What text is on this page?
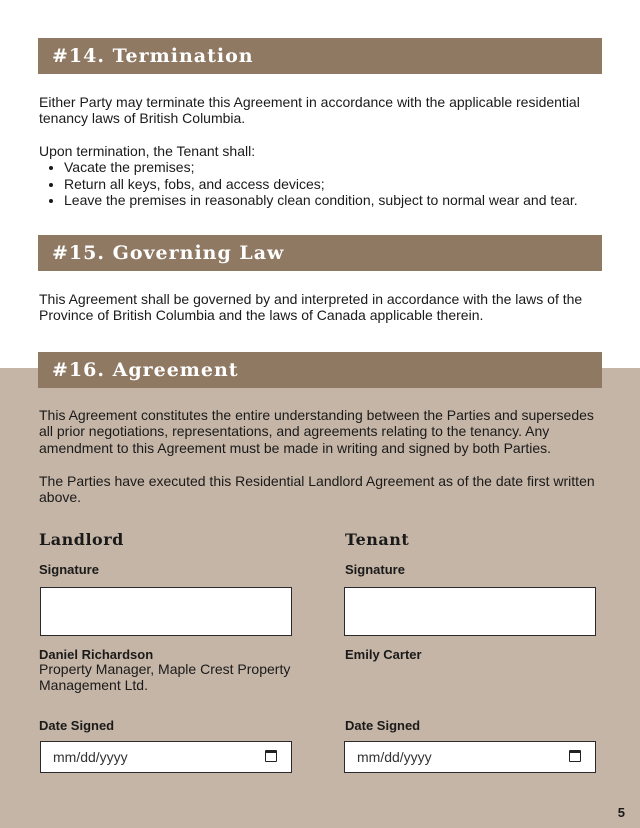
#14. Termination

Either Party may terminate this Agreement in accordance with the applicable residential tenancy laws of British Columbia.

Upon termination, the Tenant shall:

• Vacate the premises;
• Return all keys, fobs, and access devices;
• Leave the premises in reasonably clean condition, subject to normal wear and tear.
#15. Governing Law

This Agreement shall be governed by and interpreted in accordance with the laws of the Province of British Columbia and the laws of Canada applicable therein.

#16. Agreement

This Agreement constitutes the entire understanding between the Parties and supersedes all prior negotiations, representations, and agreements relating to the tenancy. Any amendment to this Agreement must be made in writing and signed by both Parties.

The Parties have executed this Residential Landlord Agreement as of the date first written above.

Landlord
Signature
Daniel Richardson
Property Manager, Maple Crest Property Management Ltd.
Date Signed
mm/dd/yyyy
Tenant
Signature
Emily Carter
Date Signed
mm/dd/yyyy
5
